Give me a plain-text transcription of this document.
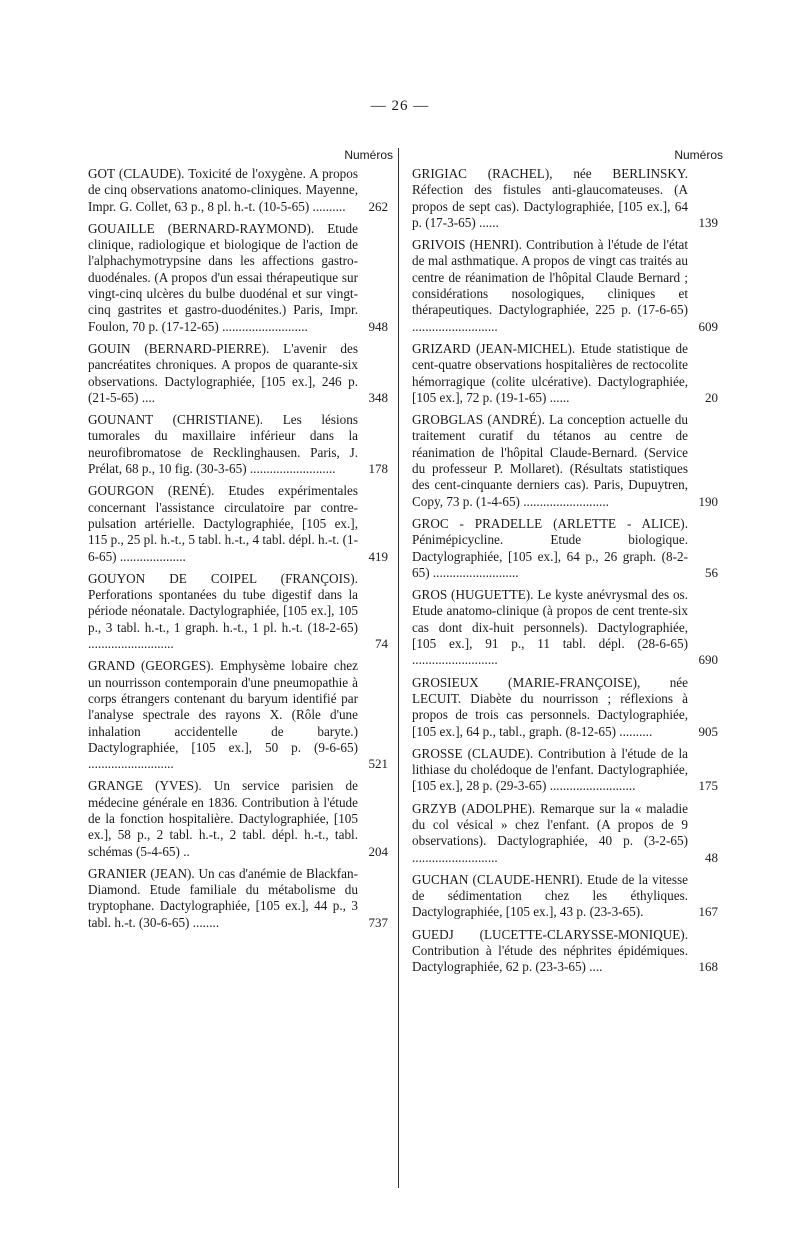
— 26 —
Numéros
GOT (CLAUDE). Toxicité de l'oxygène. A propos de cinq observations anatomo-cliniques. Mayenne, Impr. G. Collet, 63 p., 8 pl. h.-t. (10-5-65) ..........	262
GOUAILLE (BERNARD-RAYMOND). Etude clinique, radiologique et biologique de l'action de l'alphachymotrypsine dans les affections gastro-duodénales. (A propos d'un essai thérapeutique sur vingt-cinq ulcères du bulbe duodénal et sur vingt-cinq gastrites et gastro-duodénites.) Paris, Impr. Foulon, 70 p. (17-12-65) ..........................	948
GOUIN (BERNARD-PIERRE). L'avenir des pancréatites chroniques. A propos de quarante-six observations. Dactylographiée, [105 ex.], 246 p. (21-5-65) ....	348
GOUNANT (CHRISTIANE). Les lésions tumorales du maxillaire inférieur dans la neurofibromatose de Recklinghausen. Paris, J. Prélat, 68 p., 10 fig. (30-3-65) ..........................	178
GOURGON (RENÉ). Etudes expérimentales concernant l'assistance circulatoire par contre-pulsation artérielle. Dactylographiée, [105 ex.], 115 p., 25 pl. h.-t., 5 tabl. h.-t., 4 tabl. dépl. h.-t. (1-6-65) ....................	419
GOUYON DE COIPEL (FRANÇOIS). Perforations spontanées du tube digestif dans la période néonatale. Dactylographiée, [105 ex.], 105 p., 3 tabl. h.-t., 1 graph. h.-t., 1 pl. h.-t. (18-2-65) ..........................	74
GRAND (GEORGES). Emphysème lobaire chez un nourrisson contemporain d'une pneumopathie à corps étrangers contenant du baryum identifié par l'analyse spectrale des rayons X. (Rôle d'une inhalation accidentelle de baryte.) Dactylographiée, [105 ex.], 50 p. (9-6-65) ..........................	521
GRANGE (YVES). Un service parisien de médecine générale en 1836. Contribution à l'étude de la fonction hospitalière. Dactylographiée, [105 ex.], 58 p., 2 tabl. h.-t., 2 tabl. dépl. h.-t., tabl. schémas (5-4-65) ..	204
GRANIER (JEAN). Un cas d'anémie de Blackfan-Diamond. Etude familiale du métabolisme du tryptophane. Dactylographiée, [105 ex.], 44 p., 3 tabl. h.-t. (30-6-65) ........	737
Numéros
GRIGIAC (RACHEL), née BERLINSKY. Réfection des fistules anti-glaucomateuses. (A propos de sept cas). Dactylographiée, [105 ex.], 64 p. (17-3-65) ......	139
GRIVOIS (HENRI). Contribution à l'étude de l'état de mal asthmatique. A propos de vingt cas traités au centre de réanimation de l'hôpital Claude Bernard ; considérations nosologiques, cliniques et thérapeutiques. Dactylographiée, 225 p. (17-6-65) ..........................	609
GRIZARD (JEAN-MICHEL). Etude statistique de cent-quatre observations hospitalières de rectocolite hémorragique (colite ulcérative). Dactylographiée, [105 ex.], 72 p. (19-1-65) ......	20
GROBGLAS (ANDRÉ). La conception actuelle du traitement curatif du tétanos au centre de réanimation de l'hôpital Claude-Bernard. (Service du professeur P. Mollaret). (Résultats statistiques des cent-cinquante derniers cas). Paris, Dupuytren, Copy, 73 p. (1-4-65) ..........................	190
GROC - PRADELLE (ARLETTE - ALICE). Pénimépicycline. Etude biologique. Dactylographiée, [105 ex.], 64 p., 26 graph. (8-2-65) ..........................	56
GROS (HUGUETTE). Le kyste anévrysmal des os. Etude anatomo-clinique (à propos de cent trente-six cas dont dix-huit personnels). Dactylographiée, [105 ex.], 91 p., 11 tabl. dépl. (28-6-65) ..........................	690
GROSIEUX (MARIE-FRANÇOISE), née LECUIT. Diabète du nourrisson ; réflexions à propos de trois cas personnels. Dactylographiée, [105 ex.], 64 p., tabl., graph. (8-12-65) ..........	905
GROSSE (CLAUDE). Contribution à l'étude de la lithiase du cholédoque de l'enfant. Dactylographiée, [105 ex.], 28 p. (29-3-65) ..........................	175
GRZYB (ADOLPHE). Remarque sur la « maladie du col vésical » chez l'enfant. (A propos de 9 observations). Dactylographiée, 40 p. (3-2-65) ..........................	48
GUCHAN (CLAUDE-HENRI). Etude de la vitesse de sédimentation chez les éthyliques. Dactylographiée, [105 ex.], 43 p. (23-3-65).	167
GUEDJ (LUCETTE-CLARYSSE-MONIQUE). Contribution à l'étude des néphrites épidémiques. Dactylographiée, 62 p. (23-3-65) ....	168
